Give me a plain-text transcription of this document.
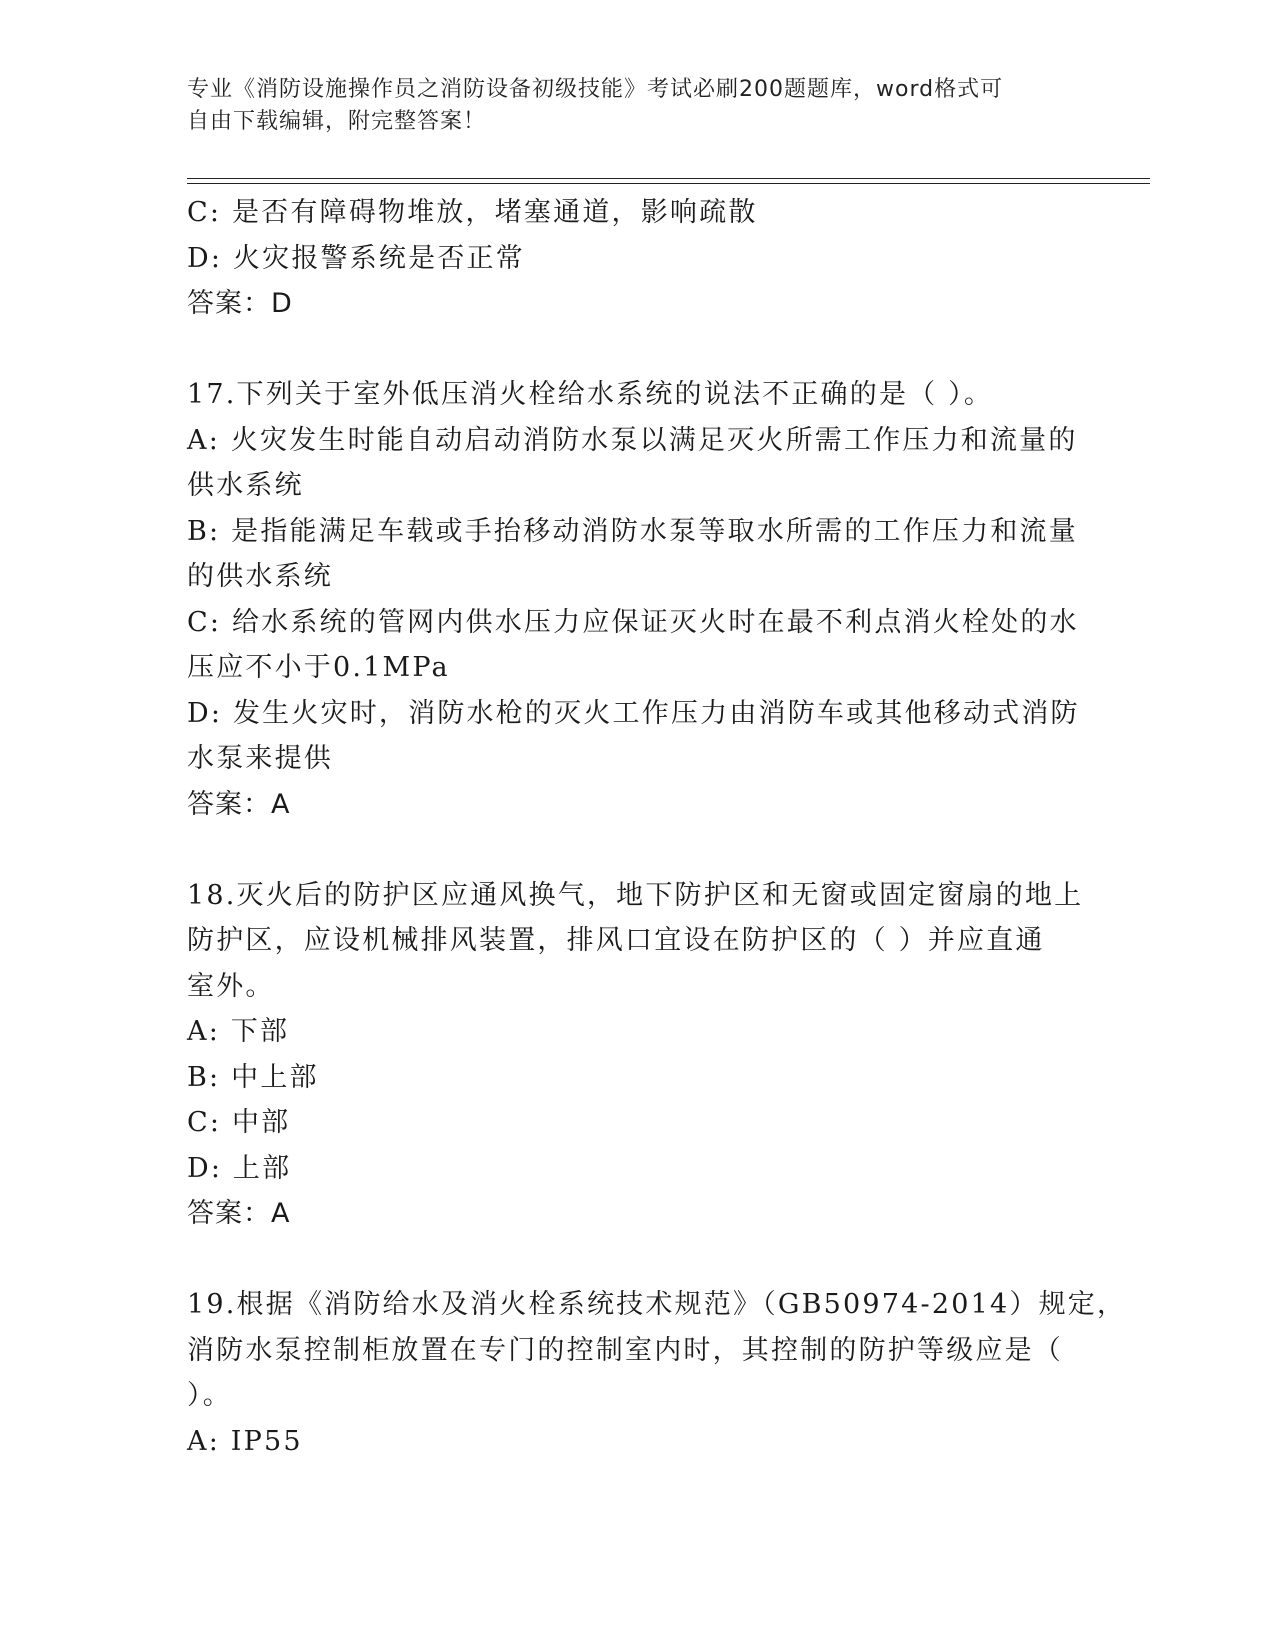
专业《消防设施操作员之消防设备初级技能》考试必刷200题题库，word格式可
自由下载编辑，附完整答案！
C: 是否有障碍物堆放，堵塞通道，影响疏散
D: 火灾报警系统是否正常
答案：D
17.下列关于室外低压消火栓给水系统的说法不正确的是（ ）。
A: 火灾发生时能自动启动消防水泵以满足灭火所需工作压力和流量的
供水系统
B: 是指能满足车载或手抬移动消防水泵等取水所需的工作压力和流量
的供水系统
C: 给水系统的管网内供水压力应保证灭火时在最不利点消火栓处的水
压应不小于0.1MPa
D: 发生火灾时，消防水枪的灭火工作压力由消防车或其他移动式消防
水泵来提供
答案：A
18.灭火后的防护区应通风换气，地下防护区和无窗或固定窗扇的地上
防护区，应设机械排风装置，排风口宜设在防护区的（ ）并应直通
室外。
A: 下部
B: 中上部
C: 中部
D: 上部
答案：A
19.根据《消防给水及消火栓系统技术规范》（GB50974-2014）规定，
消防水泵控制柜放置在专门的控制室内时，其控制的防护等级应是（
）。
A: IP55
